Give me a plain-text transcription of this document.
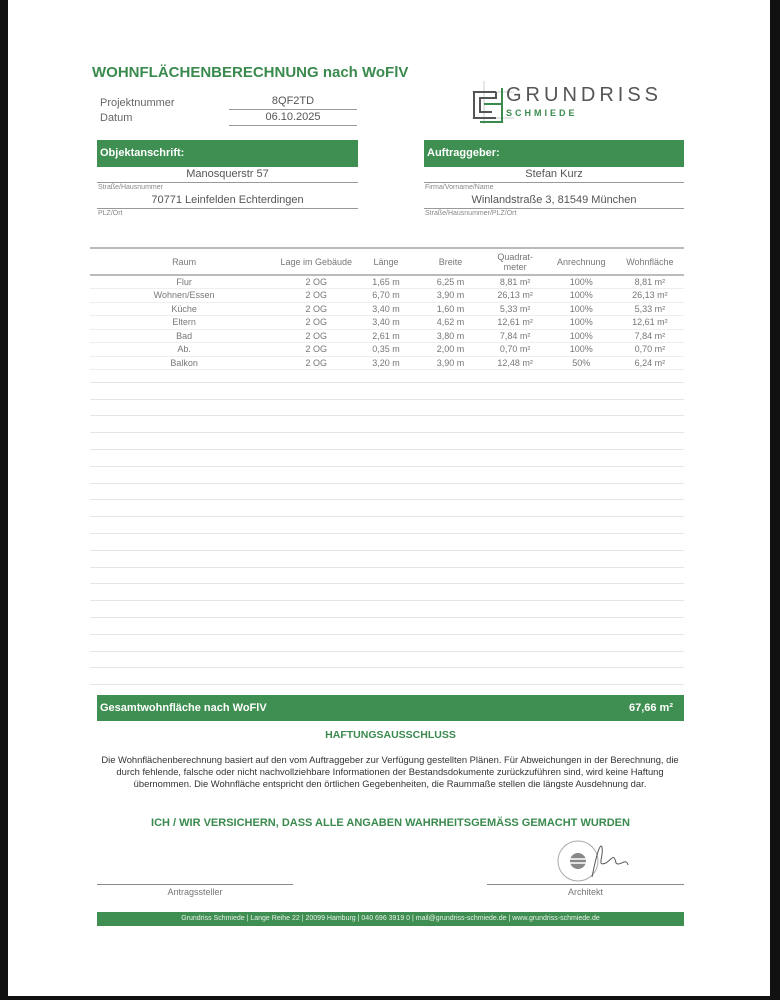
WOHNFLÄCHENBERECHNUNG nach WoFlV
Projektnummer	8QF2TD
Datum	06.10.2025
GRUNDRISS
SCHMIEDE
Objektanschrift:
Manosquerstr 57
Straße/Hausnummer
70771 Leinfelden Echterdingen
PLZ/Ort
Auftraggeber:
Stefan Kurz
Firma/Vorname/Name
Winlandstraße 3, 81549 München
Straße/Hausnummer/PLZ/Ort
Raum	Lage im Gebäude	Länge	Breite	Quadrat-meter	Anrechnung	Wohnfläche
Flur	2 OG	1,65 m	6,25 m	8,81 m²	100%	8,81 m²
Wohnen/Essen	2 OG	6,70 m	3,90 m	26,13 m²	100%	26,13 m²
Küche	2 OG	3,40 m	1,60 m	5,33 m²	100%	5,33 m²
Eltern	2 OG	3,40 m	4,62 m	12,61 m²	100%	12,61 m²
Bad	2 OG	2,61 m	3,80 m	7,84 m²	100%	7,84 m²
Ab.	2 OG	0,35 m	2,00 m	0,70 m²	100%	0,70 m²
Balkon	2 OG	3,20 m	3,90 m	12,48 m²	50%	6,24 m²
Gesamtwohnfläche nach WoFlV	67,66 m²
HAFTUNGSAUSSCHLUSS
Die Wohnflächenberechnung basiert auf den vom Auftraggeber zur Verfügung gestellten Plänen. Für Abweichungen in der Berechnung, die durch fehlende, falsche oder nicht nachvollziehbare Informationen der Bestandsdokumente zurückzuführen sind, wird keine Haftung übernommen. Die Wohnfläche entspricht den örtlichen Gegebenheiten, die Raummaße stellen die längste Ausdehnung dar.
ICH / WIR VERSICHERN, DASS ALLE ANGABEN WAHRHEITSGEMÄSS GEMACHT WURDEN
Antragssteller	Architekt
Grundriss Schmiede | Lange Reihe 22 | 20099 Hamburg | 040 696 3919 0 | mail@grundriss-schmiede.de | www.grundriss-schmiede.de
